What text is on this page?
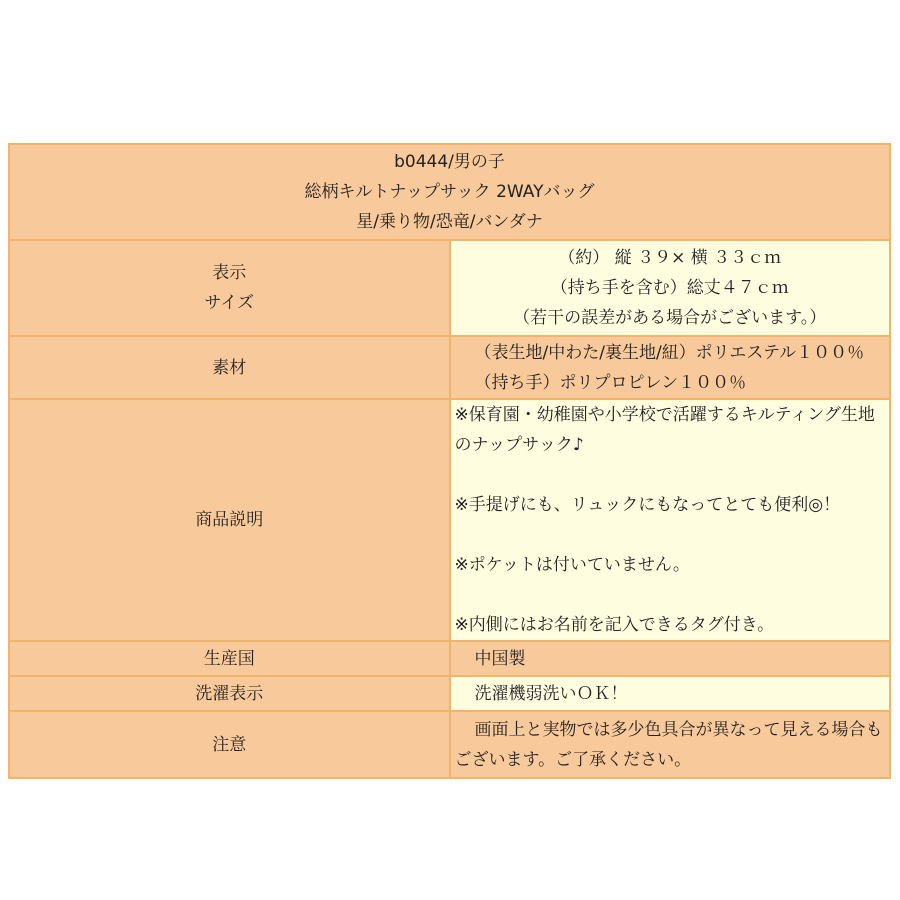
b0444/男の子
総柄キルトナップサック 2WAYバッグ
星/乗り物/恐竜/バンダナ	

表示
サイズ	（約） 縦 ３９× 横 ３３ｃｍ
（持ち手を含む）総丈４７ｃｍ
（若干の誤差がある場合がございます。）

素材	（表生地/中わた/裏生地/紐）ポリエステル１００％
（持ち手）ポリプロピレン１００％

商品説明	※保育園・幼稚園や小学校で活躍するキルティング生地のナップサック♪
※手提げにも、リュックにもなってとても便利◎！
※ポケットは付いていません。
※内側にはお名前を記入できるタグ付き。

生産国	中国製
洗濯表示	洗濯機弱洗いＯＫ！
注意	画面上と実物では多少色具合が異なって見える場合もございます。ご了承ください。
